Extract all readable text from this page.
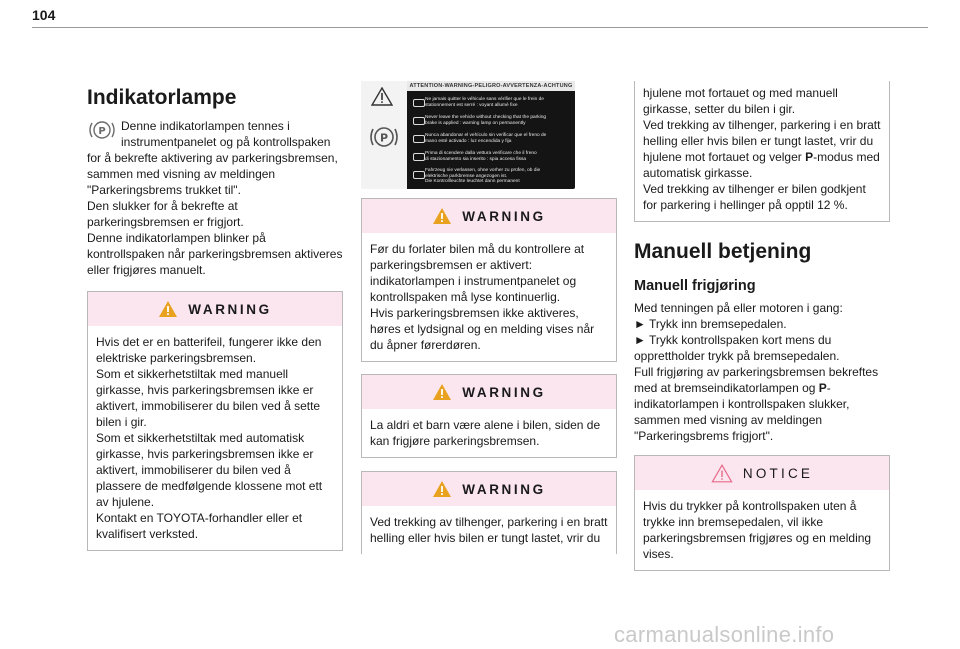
104
Indikatorlampe
P	Denne indikatorlampen tennes i

instrumentpanelet og på kontrollspaken

for å bekrefte aktivering av parkeringsbremsen, sammen med visning av meldingen "Parkeringsbrems trukket til".
Den slukker for å bekrefte at parkeringsbremsen er frigjort.
Denne indikatorlampen blinker på kontrollspaken når parkeringsbremsen aktiveres eller frigjøres manuelt.

WARNING
Hvis det er en batterifeil, fungerer ikke den elektriske parkeringsbremsen.
Som et sikkerhetstiltak med manuell girkasse, hvis parkeringsbremsen ikke er aktivert, immobiliserer du bilen ved å sette bilen i gir.
Som et sikkerhetstiltak med automatisk girkasse, hvis parkeringsbremsen ikke er aktivert, immobiliserer du bilen ved å plassere de medfølgende klossene mot ett av hjulene.
Kontakt en TOYOTA-forhandler eller et kvalifisert verksted.
P
ATTENTION-WARNING-PELIGRO-AVVERTENZA-ACHTUNG
Ne jamais quitter le véhicule sans vérifier que le frein de
stationnement est serré : voyant allumé fixe
Never leave the vehicle without checking that the parking
brake is applied : warning lamp on permanently
Nunca abandonar el vehículo sin verificar que el freno de
mano esté activado : luz encendida y fija
Prima di scendere dalla vettura verificare che il freno
di stazionamento sia inserito : spia accesa fissa
Fahrzeug nie verlassen, ohne vorher zu prüfen, ob die
elektrische parkbremse angezogen ist.
Die Kontrollleuchte leuchtet dann permanent
WARNING
Før du forlater bilen må du kontrollere at parkeringsbremsen er aktivert:
indikatorlampen i instrumentpanelet og kontrollspaken må lyse kontinuerlig.
Hvis parkeringsbremsen ikke aktiveres, høres et lydsignal og en melding vises når du åpner førerdøren.
WARNING
La aldri et barn være alene i bilen, siden de kan frigjøre parkeringsbremsen.
WARNING
Ved trekking av tilhenger, parkering i en bratt helling eller hvis bilen er tungt lastet, vrir du

hjulene mot fortauet og med manuell girkasse, setter du bilen i gir.
Ved trekking av tilhenger, parkering i en bratt helling eller hvis bilen er tungt lastet, vrir du hjulene mot fortauet og velger P-modus med automatisk girkasse.
Ved trekking av tilhenger er bilen godkjent for parkering i hellinger på opptil 12 %.

Manuell betjening
Manuell frigjøring

Med tenningen på eller motoren i gang:
► Trykk inn bremsepedalen.
► Trykk kontrollspaken kort mens du opprettholder trykk på bremsepedalen.
Full frigjøring av parkeringsbremsen bekreftes med at bremseindikatorlampen og P-indikatorlampen i kontrollspaken slukker, sammen med visning av meldingen "Parkeringsbrems frigjort".

NOTICE
Hvis du trykker på kontrollspaken uten å trykke inn bremsepedalen, vil ikke parkeringsbremsen frigjøres og en melding vises.
carmanualsonline.info
